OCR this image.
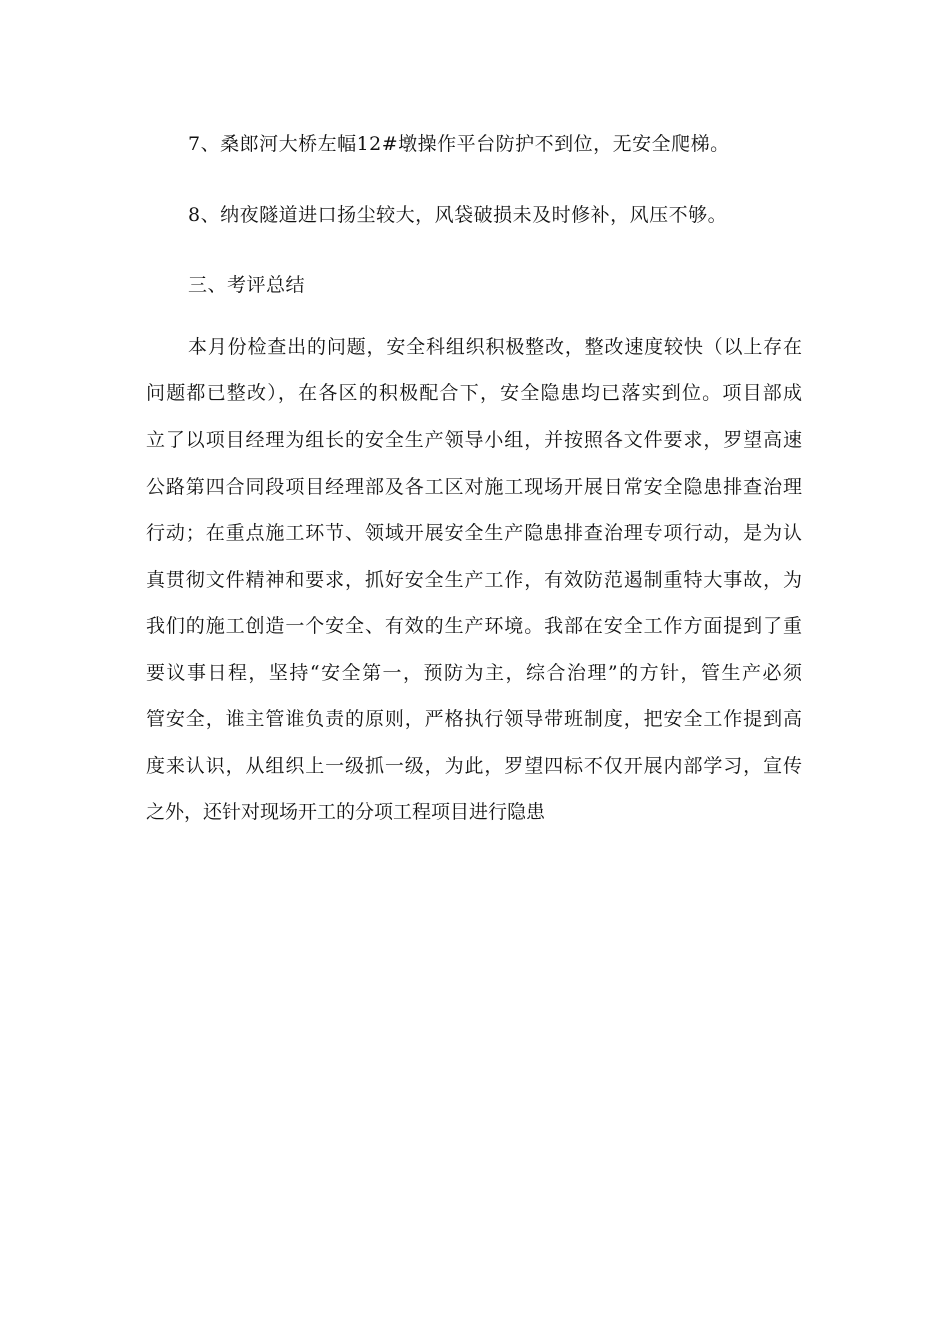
7、桑郎河大桥左幅12#墩操作平台防护不到位，无安全爬梯。
8、纳夜隧道进口扬尘较大，风袋破损未及时修补，风压不够。
三、考评总结
本月份检查出的问题，安全科组织积极整改，整改速度较快（以上存在
问题都已整改），在各区的积极配合下，安全隐患均已落实到位。项目部成
立了以项目经理为组长的安全生产领导小组，并按照各文件要求，罗望高速
公路第四合同段项目经理部及各工区对施工现场开展日常安全隐患排查治理
行动；在重点施工环节、领域开展安全生产隐患排查治理专项行动，是为认
真贯彻文件精神和要求，抓好安全生产工作，有效防范遏制重特大事故，为
我们的施工创造一个安全、有效的生产环境。我部在安全工作方面提到了重
要议事日程，坚持“安全第一，预防为主，综合治理”的方针，管生产必须
管安全，谁主管谁负责的原则，严格执行领导带班制度，把安全工作提到高
度来认识，从组织上一级抓一级，为此，罗望四标不仅开展内部学习，宣传
之外，还针对现场开工的分项工程项目进行隐患
